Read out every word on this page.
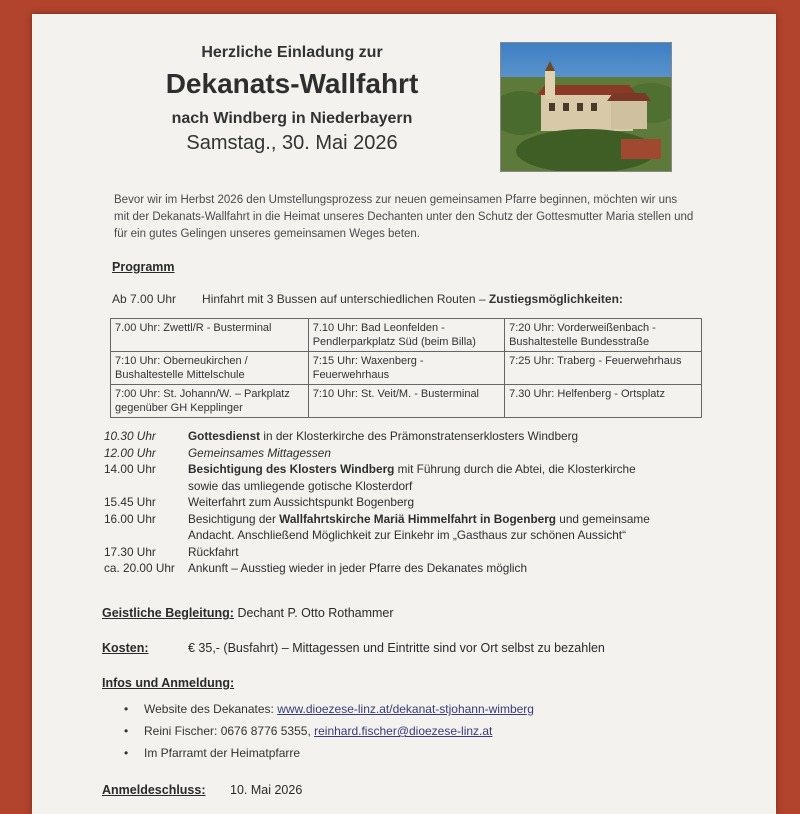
Herzliche Einladung zur
Dekanats-Wallfahrt
nach Windberg in Niederbayern
Samstag., 30. Mai 2026
Bevor wir im Herbst 2026 den Umstellungsprozess zur neuen gemeinsamen Pfarre beginnen, möchten wir uns mit der Dekanats-Wallfahrt in die Heimat unseres Dechanten unter den Schutz der Gottesmutter Maria stellen und für ein gutes Gelingen unseres gemeinsamen Weges beten.
Programm
Ab 7.00 Uhr Hinfahrt mit 3 Bussen auf unterschiedlichen Routen – Zustiegsmöglichkeiten:
7.00 Uhr: Zwettl/R - Busterminal	7.10 Uhr: Bad Leonfelden - Pendlerparkplatz Süd (beim Billa)	7:20 Uhr: Vorderweißenbach - Bushaltestelle Bundesstraße
7:10 Uhr: Oberneukirchen / Bushaltestelle Mittelschule	7:15 Uhr: Waxenberg - Feuerwehrhaus	7:25 Uhr: Traberg - Feuerwehrhaus
7:00 Uhr: St. Johann/W. – Parkplatz gegenüber GH Kepplinger	7:10 Uhr: St. Veit/M. - Busterminal	7.30 Uhr: Helfenberg - Ortsplatz
10.30 Uhr	Gottesdienst in der Klosterkirche des Prämonstratenserklosters Windberg
12.00 Uhr	Gemeinsames Mittagessen
14.00 Uhr	Besichtigung des Klosters Windberg mit Führung durch die Abtei, die Klosterkirche sowie das umliegende gotische Klosterdorf
15.45 Uhr	Weiterfahrt zum Aussichtspunkt Bogenberg
16.00 Uhr	Besichtigung der Wallfahrtskirche Mariä Himmelfahrt in Bogenberg und gemeinsame Andacht. Anschließend Möglichkeit zur Einkehr im „Gasthaus zur schönen Aussicht“
17.30 Uhr	Rückfahrt
ca. 20.00 Uhr	Ankunft – Ausstieg wieder in jeder Pfarre des Dekanates möglich
Geistliche Begleitung: Dechant P. Otto Rothammer
Kosten:	€ 35,- (Busfahrt) – Mittagessen und Eintritte sind vor Ort selbst zu bezahlen
Infos und Anmeldung:
•	Website des Dekanates: www.dioezese-linz.at/dekanat-stjohann-wimberg
•	Reini Fischer: 0676 8776 5355, reinhard.fischer@dioezese-linz.at
•	Im Pfarramt der Heimatpfarre
Anmeldeschluss:	10. Mai 2026
